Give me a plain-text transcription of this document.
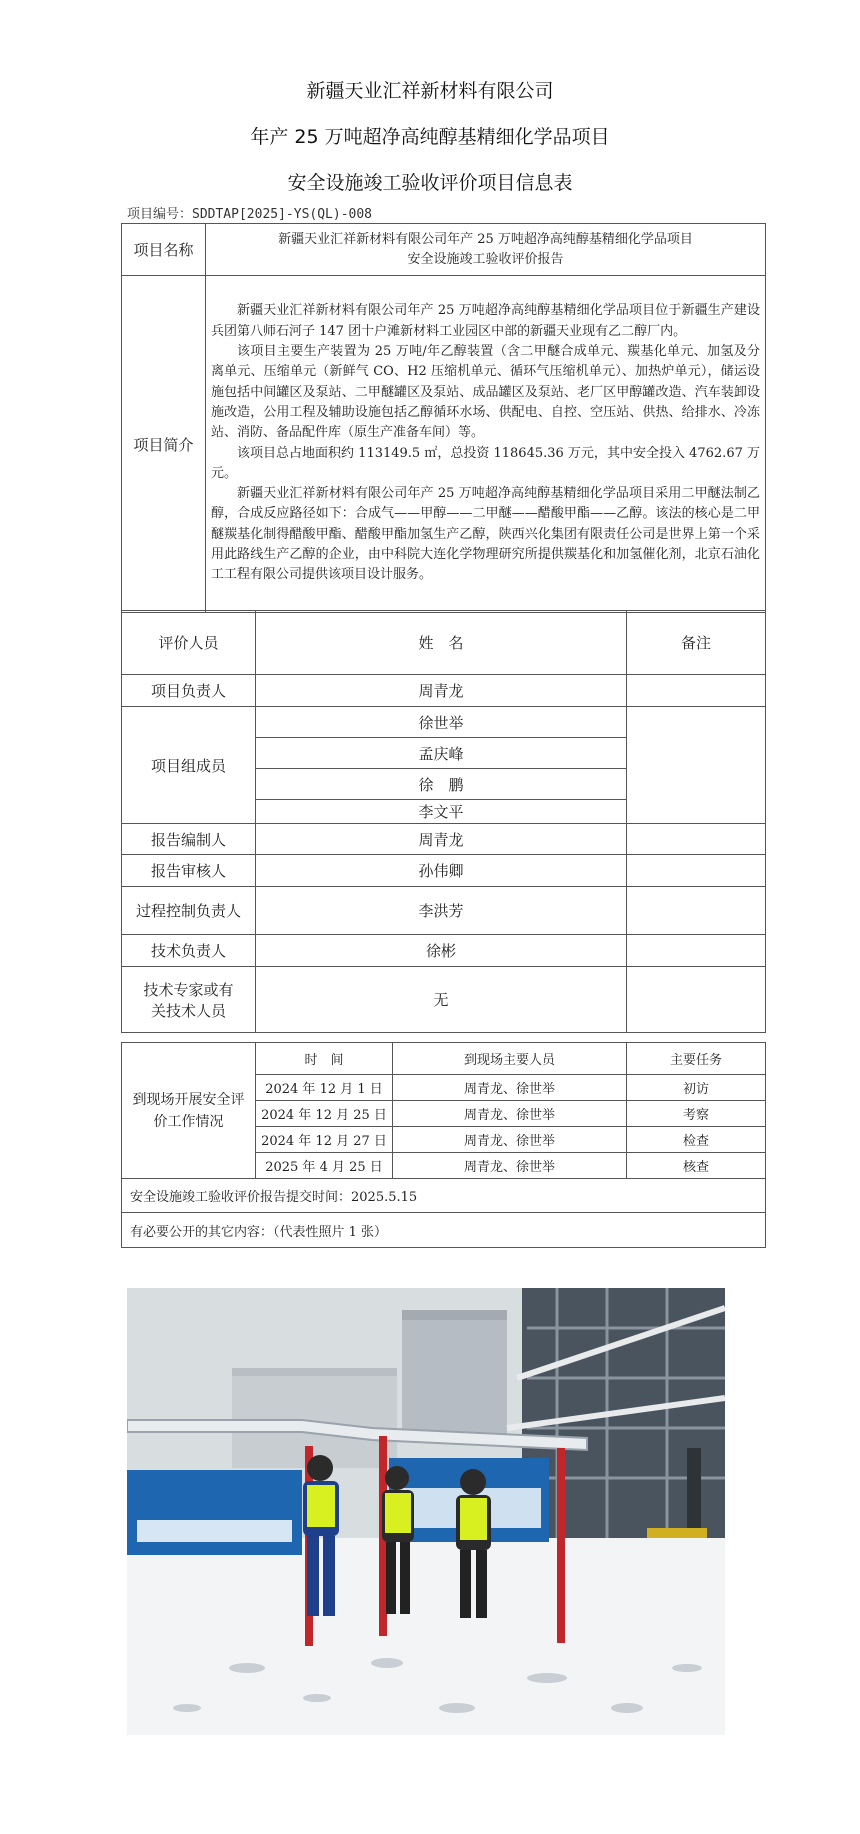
新疆天业汇祥新材料有限公司
年产 25 万吨超净高纯醇基精细化学品项目
安全设施竣工验收评价项目信息表
项目编号：SDDTAP[2025]-YS(QL)-008
项目名称	新疆天业汇祥新材料有限公司年产 25 万吨超净高纯醇基精细化学品项目
安全设施竣工验收评价报告

项目简介	新疆天业汇祥新材料有限公司年产 25 万吨超净高纯醇基精细化学品项目位于新疆生产建设兵团第八师石河子 147 团十户滩新材料工业园区中部的新疆天业现有乙二醇厂内。

该项目主要生产装置为 25 万吨/年乙醇装置（含二甲醚合成单元、羰基化单元、加氢及分离单元、压缩单元（新鲜气 CO、H2 压缩机单元、循环气压缩机单元）、加热炉单元），储运设施包括中间罐区及泵站、二甲醚罐区及泵站、成品罐区及泵站、老厂区甲醇罐改造、汽车装卸设施改造，公用工程及辅助设施包括乙醇循环水场、供配电、自控、空压站、供热、给排水、冷冻站、消防、备品配件库（原生产准备车间）等。

该项目总占地面积约 113149.5 ㎡，总投资 118645.36 万元，其中安全投入 4762.67 万元。

新疆天业汇祥新材料有限公司年产 25 万吨超净高纯醇基精细化学品项目采用二甲醚法制乙醇，合成反应路径如下：合成气——甲醇——二甲醚——醋酸甲酯——乙醇。该法的核心是二甲醚羰基化制得醋酸甲酯、醋酸甲酯加氢生产乙醇，陕西兴化集团有限责任公司是世界上第一个采用此路线生产乙醇的企业，由中科院大连化学物理研究所提供羰基化和加氢催化剂，北京石油化工工程有限公司提供该项目设计服务。

评价人员	姓　名	备注
项目负责人	周青龙	
项目组成员	徐世举	
	孟庆峰	
	徐　鹏	
	李文平	
报告编制人	周青龙	
报告审核人	孙伟卿	
过程控制负责人	李洪芳	
技术负责人	徐彬	
技术专家或有关技术人员	无	
到现场开展安全评价工作情况	时　间	到现场主要人员	主要任务
	2024 年 12 月 1 日	周青龙、徐世举	初访
	2024 年 12 月 25 日	周青龙、徐世举	考察
	2024 年 12 月 27 日	周青龙、徐世举	检查
	2025 年 4 月 25 日	周青龙、徐世举	核查
安全设施竣工验收评价报告提交时间：2025.5.15			
有必要公开的其它内容：（代表性照片 1 张）			
